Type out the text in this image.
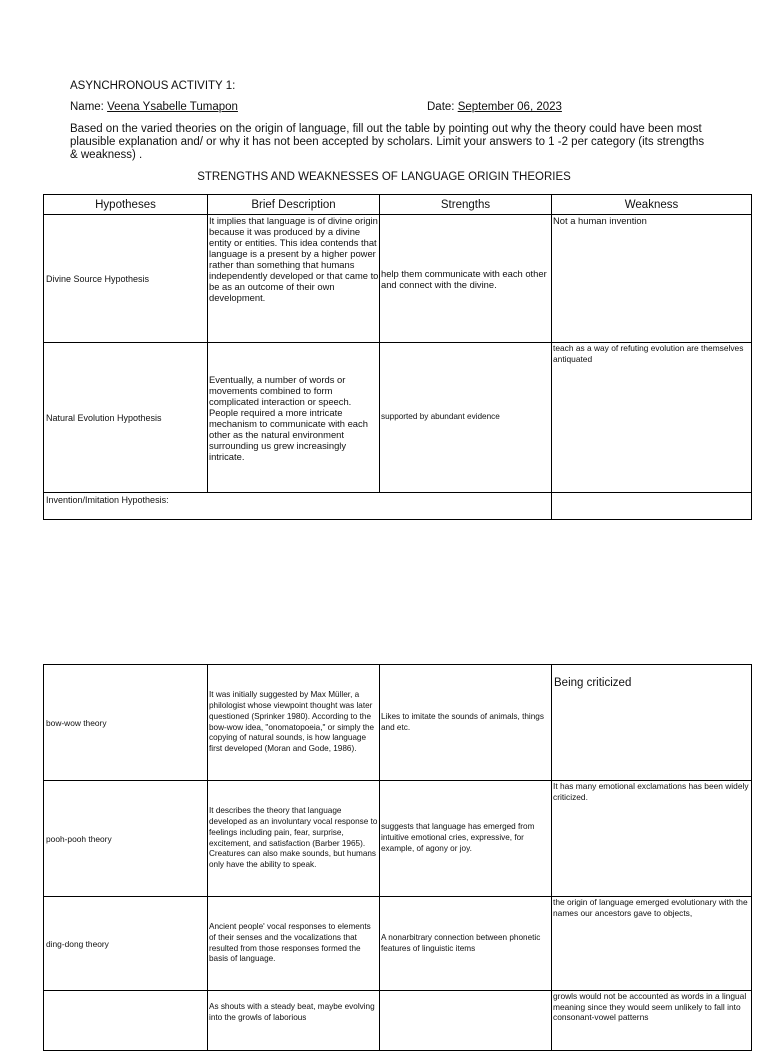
ASYNCHRONOUS ACTIVITY 1:
Name: Veena Ysabelle Tumapon	Date: September 06, 2023
Based on the varied theories on the origin of language, fill out the table by pointing out why the theory could have been most plausible explanation and/ or why it has not been accepted by scholars. Limit your answers to 1 -2 per category (its strengths & weakness) .
STRENGTHS AND WEAKNESSES OF LANGUAGE ORIGIN THEORIES
Hypotheses	Brief Description	Strengths	Weakness
Divine Source Hypothesis	It implies that language is of divine origin because it was produced by a divine entity or entities. This idea contends that language is a present by a higher power rather than something that humans independently developed or that came to be as an outcome of their own development.	help them communicate with each other and connect with the divine.	Not a human invention
Natural Evolution Hypothesis	Eventually, a number of words or movements combined to form complicated interaction or speech. People required a more intricate mechanism to communicate with each other as the natural environment surrounding us grew increasingly intricate.	supported by abundant evidence	teach as a way of refuting evolution are themselves antiquated
Invention/Imitation Hypothesis:			
bow-wow theory	It was initially suggested by Max Müller, a philologist whose viewpoint thought was later questioned (Sprinker 1980). According to the bow-wow idea, "onomatopoeia," or simply the copying of natural sounds, is how language first developed (Moran and Gode, 1986).	Likes to imitate the sounds of animals, things and etc.	Being criticized
pooh-pooh theory	It describes the theory that language developed as an involuntary vocal response to feelings including pain, fear, surprise, excitement, and satisfaction (Barber 1965). Creatures can also make sounds, but humans only have the ability to speak.	suggests that language has emerged from intuitive emotional cries, expressive, for example, of agony or joy.	It has many emotional exclamations has been widely criticized.
ding-dong theory	Ancient people' vocal responses to elements of their senses and the vocalizations that resulted from those responses formed the basis of language.	A nonarbitrary connection between phonetic features of linguistic items	the origin of language emerged evolutionary with the names our ancestors gave to objects,
	As shouts with a steady beat, maybe evolving into the growls of laborious		growls would not be accounted as words in a lingual meaning since they would seem unlikely to fall into consonant-vowel patterns
